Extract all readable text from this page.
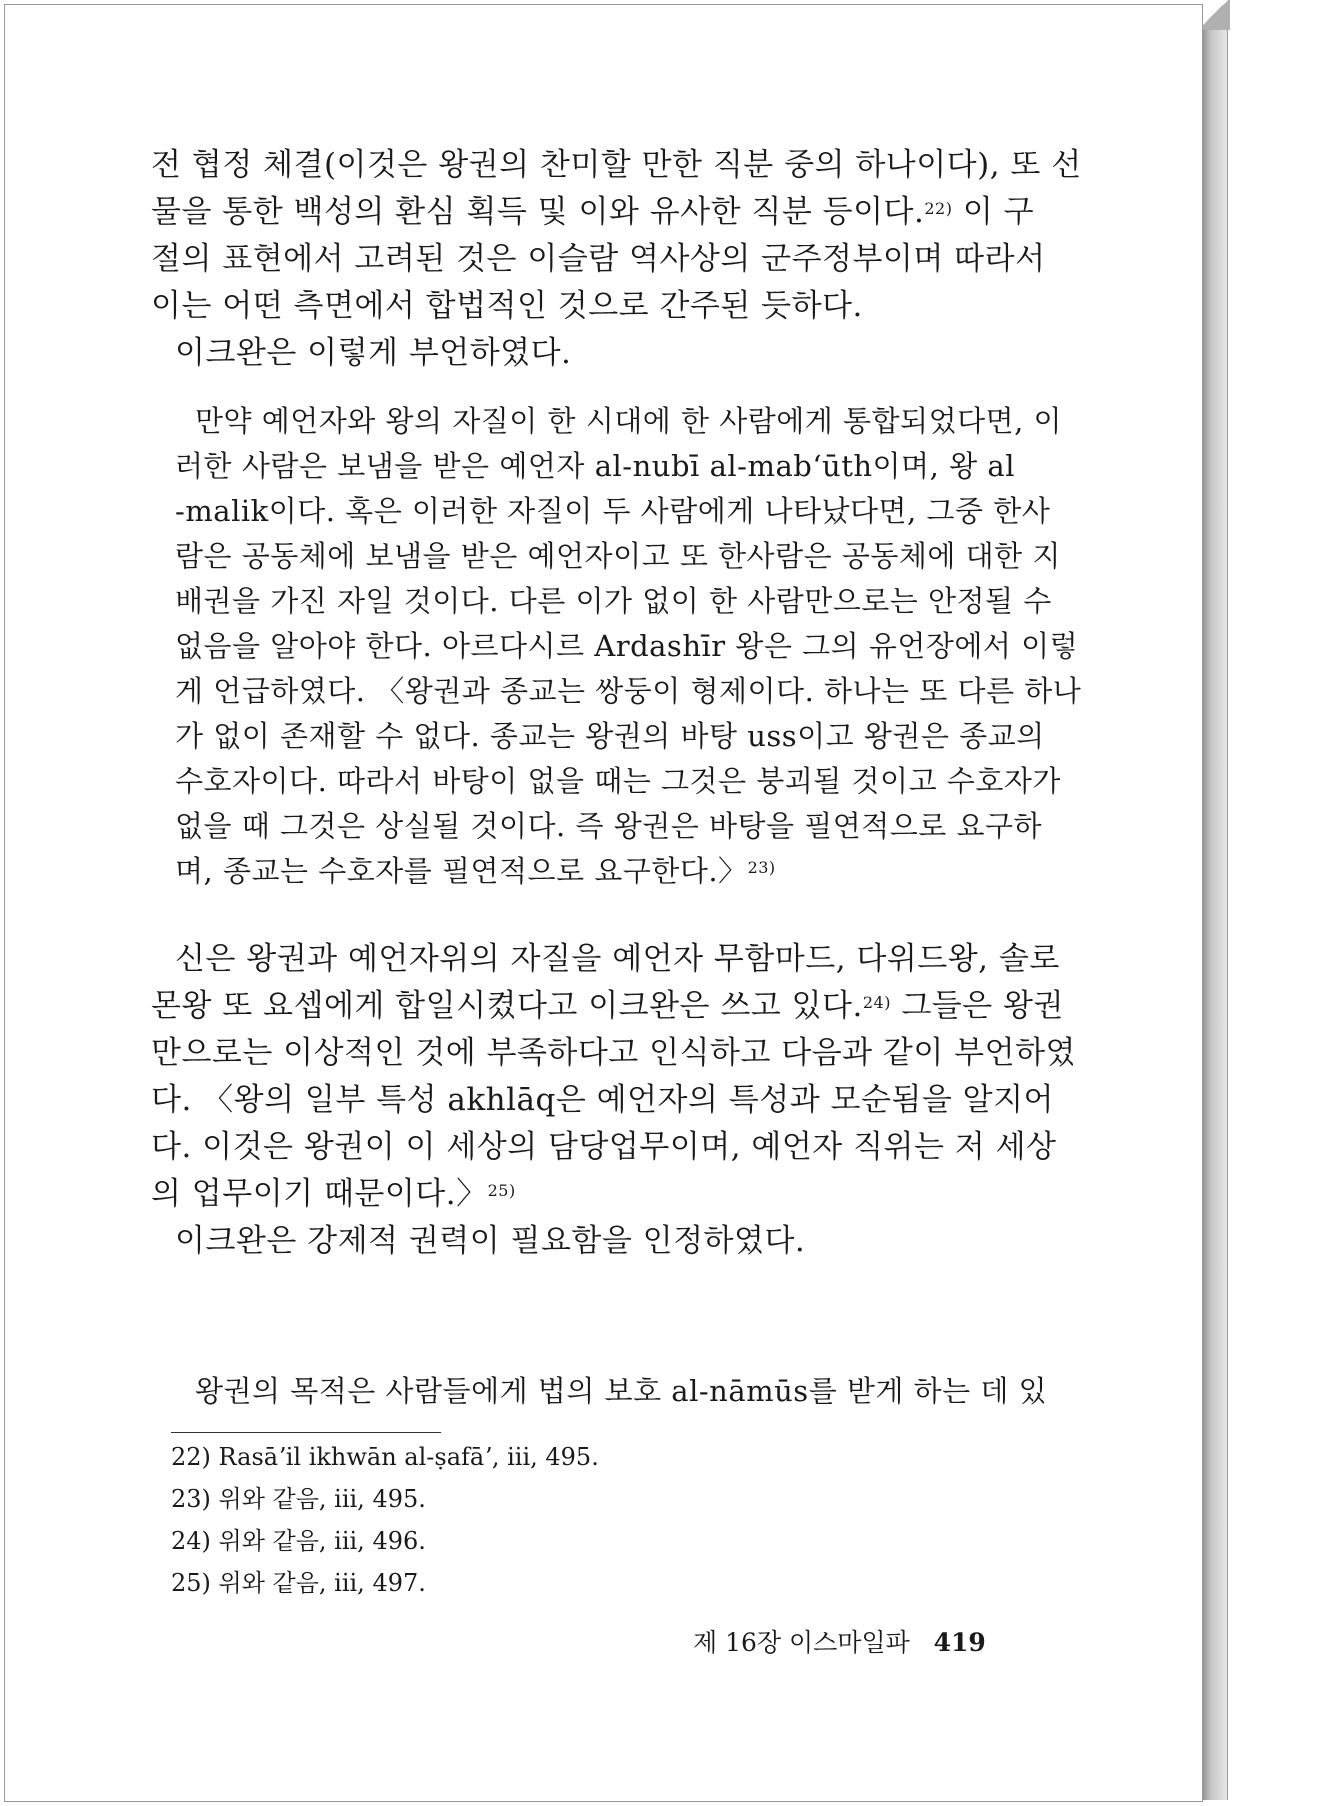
전 협정 체결(이것은 왕권의 찬미할 만한 직분 중의 하나이다), 또 선
물을 통한 백성의 환심 획득 및 이와 유사한 직분 등이다.$^{22)}$ 이 구
절의 표현에서 고려된 것은 이슬람 역사상의 군주정부이며 따라서
이는 어떤 측면에서 합법적인 것으로 간주된 듯하다.
이크완은 이렇게 부언하였다.
만약 예언자와 왕의 자질이 한 시대에 한 사람에게 통합되었다면, 이
러한 사람은 보냄을 받은 예언자 al-nubī al-mabʻūth이며, 왕 al
-malik이다. 혹은 이러한 자질이 두 사람에게 나타났다면, 그중 한사
람은 공동체에 보냄을 받은 예언자이고 또 한사람은 공동체에 대한 지
배권을 가진 자일 것이다. 다른 이가 없이 한 사람만으로는 안정될 수
없음을 알아야 한다. 아르다시르 Ardashīr 왕은 그의 유언장에서 이렇
게 언급하였다. 〈왕권과 종교는 쌍둥이 형제이다. 하나는 또 다른 하나
가 없이 존재할 수 없다. 종교는 왕권의 바탕 uss이고 왕권은 종교의
수호자이다. 따라서 바탕이 없을 때는 그것은 붕괴될 것이고 수호자가
없을 때 그것은 상실될 것이다. 즉 왕권은 바탕을 필연적으로 요구하
며, 종교는 수호자를 필연적으로 요구한다.〉$^{23)}$
신은 왕권과 예언자위의 자질을 예언자 무함마드, 다위드왕, 솔로
몬왕 또 요셉에게 합일시켰다고 이크완은 쓰고 있다.$^{24)}$ 그들은 왕권
만으로는 이상적인 것에 부족하다고 인식하고 다음과 같이 부언하였
다. 〈왕의 일부 특성 akhlāq은 예언자의 특성과 모순됨을 알지어
다. 이것은 왕권이 이 세상의 담당업무이며, 예언자 직위는 저 세상
의 업무이기 때문이다.〉$^{25)}$
이크완은 강제적 권력이 필요함을 인정하였다.
왕권의 목적은 사람들에게 법의 보호 al-nāmūs를 받게 하는 데 있
22) Rasāʼil ikhwān al-ṣafāʼ, iii, 495.
23) 위와 같음, iii, 495.
24) 위와 같음, iii, 496.
25) 위와 같음, iii, 497.
제 16장 이스마일파 419
